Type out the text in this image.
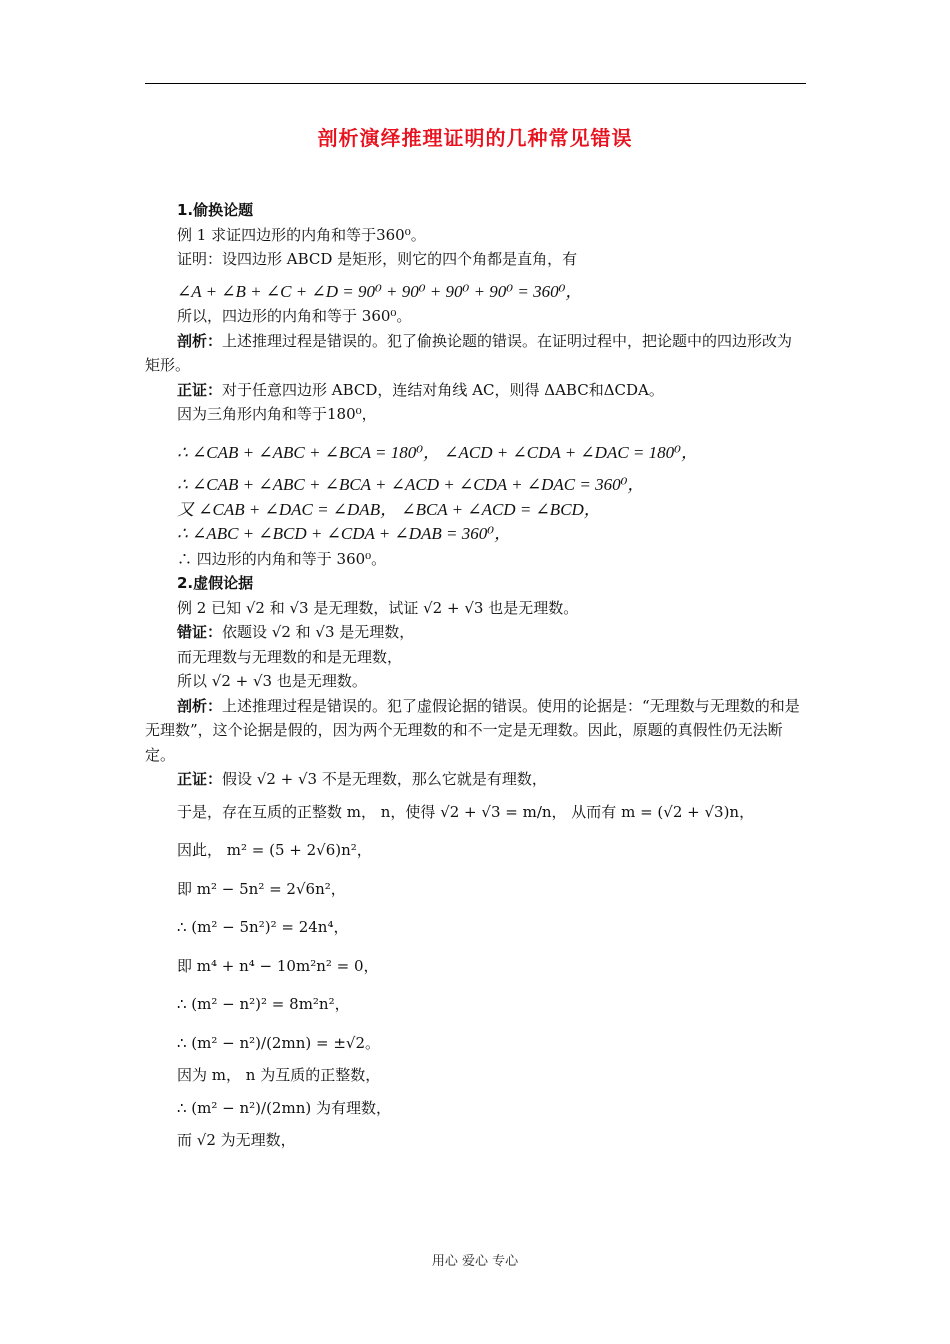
剖析演绎推理证明的几种常见错误

1.偷换论题

例 1 求证四边形的内角和等于360⁰。

证明：设四边形 ABCD 是矩形，则它的四个角都是直角，有

∠A + ∠B + ∠C + ∠D = 90⁰ + 90⁰ + 90⁰ + 90⁰ = 360⁰，

所以，四边形的内角和等于 360⁰。

剖析：上述推理过程是错误的。犯了偷换论题的错误。在证明过程中，把论题中的四边形改为矩形。

正证：对于任意四边形 ABCD，连结对角线 AC，则得 ΔABC和ΔCDA。

因为三角形内角和等于180⁰，

∴ ∠CAB + ∠ABC + ∠BCA = 180⁰， ∠ACD + ∠CDA + ∠DAC = 180⁰，

∴ ∠CAB + ∠ABC + ∠BCA + ∠ACD + ∠CDA + ∠DAC = 360⁰，

又 ∠CAB + ∠DAC = ∠DAB， ∠BCA + ∠ACD = ∠BCD，

∴ ∠ABC + ∠BCD + ∠CDA + ∠DAB = 360⁰，

∴ 四边形的内角和等于 360⁰。

2.虚假论据

例 2 已知 √2 和 √3 是无理数，试证 √2 + √3 也是无理数。

错证：依题设 √2 和 √3 是无理数，

而无理数与无理数的和是无理数，

所以 √2 + √3 也是无理数。

剖析：上述推理过程是错误的。犯了虚假论据的错误。使用的论据是：“无理数与无理数的和是无理数”，这个论据是假的，因为两个无理数的和不一定是无理数。因此，原题的真假性仍无法断定。

正证：假设 √2 + √3 不是无理数，那么它就是有理数，

于是，存在互质的正整数 m， n，使得 √2 + √3 = m/n， 从而有 m = (√2 + √3)n，

因此， m² = (5 + 2√6)n²，

即 m² − 5n² = 2√6n²，

∴ (m² − 5n²)² = 24n⁴，

即 m⁴ + n⁴ − 10m²n² = 0，

∴ (m² − n²)² = 8m²n²，

∴ (m² − n²)/(2mn) = ±√2。

因为 m， n 为互质的正整数，

∴ (m² − n²)/(2mn) 为有理数，

而 √2 为无理数，

用心 爱心 专心
